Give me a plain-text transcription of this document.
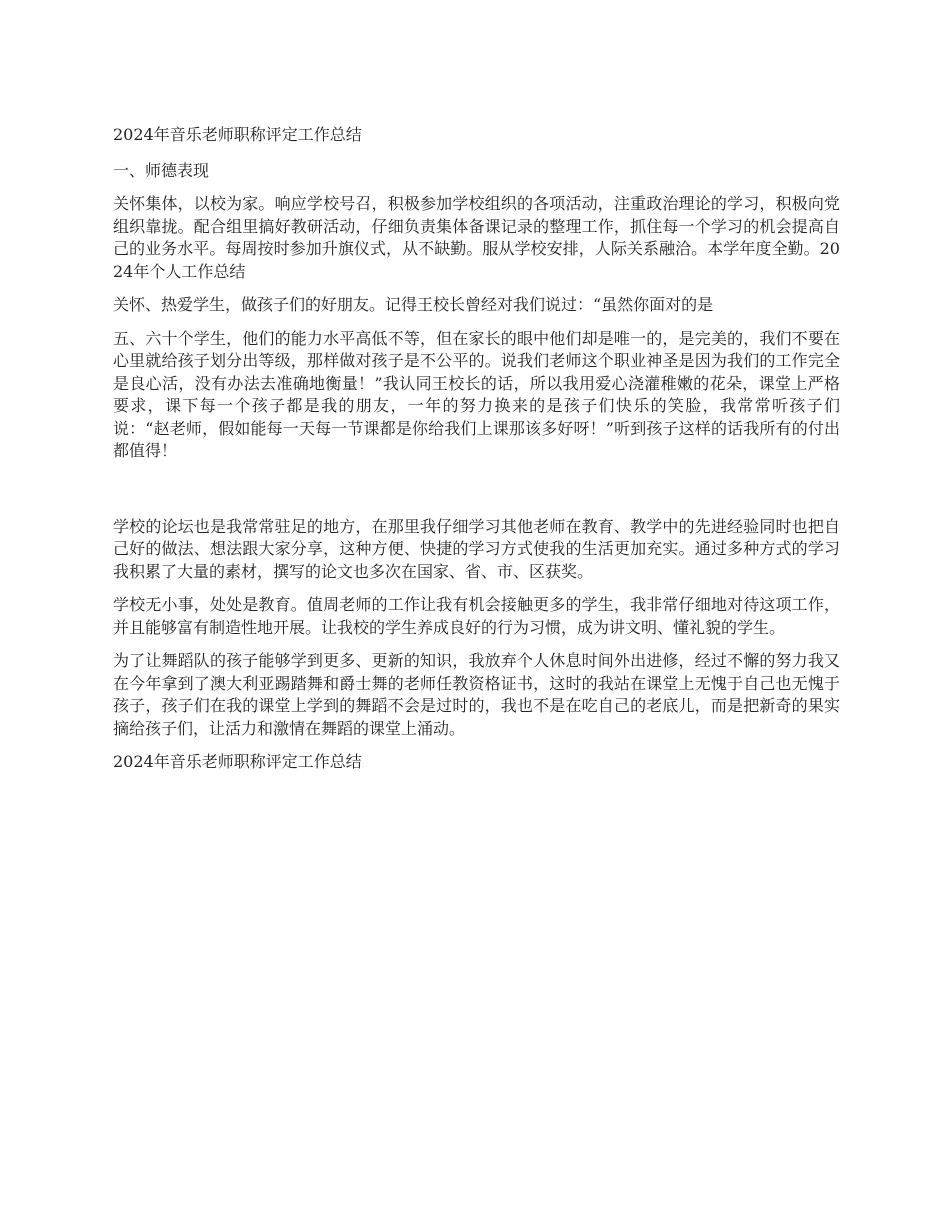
2024年音乐老师职称评定工作总结

一、师德表现

关怀集体，以校为家。响应学校号召，积极参加学校组织的各项活动，注重政治理论的学习，积极向党组织靠拢。配合组里搞好教研活动，仔细负责集体备课记录的整理工作，抓住每一个学习的机会提高自己的业务水平。每周按时参加升旗仪式，从不缺勤。服从学校安排，人际关系融洽。本学年度全勤。2024年个人工作总结

关怀、热爱学生，做孩子们的好朋友。记得王校长曾经对我们说过：“虽然你面对的是

五、六十个学生，他们的能力水平高低不等，但在家长的眼中他们却是唯一的，是完美的，我们不要在心里就给孩子划分出等级，那样做对孩子是不公平的。说我们老师这个职业神圣是因为我们的工作完全是良心活，没有办法去准确地衡量！”我认同王校长的话，所以我用爱心浇灌稚嫩的花朵，课堂上严格要求，课下每一个孩子都是我的朋友，一年的努力换来的是孩子们快乐的笑脸，我常常听孩子们说：“赵老师，假如能每一天每一节课都是你给我们上课那该多好呀！”听到孩子这样的话我所有的付出都值得！

学校的论坛也是我常常驻足的地方，在那里我仔细学习其他老师在教育、教学中的先进经验同时也把自己好的做法、想法跟大家分享，这种方便、快捷的学习方式使我的生活更加充实。通过多种方式的学习我积累了大量的素材，撰写的论文也多次在国家、省、市、区获奖。

学校无小事，处处是教育。值周老师的工作让我有机会接触更多的学生，我非常仔细地对待这项工作，并且能够富有制造性地开展。让我校的学生养成良好的行为习惯，成为讲文明、懂礼貌的学生。

为了让舞蹈队的孩子能够学到更多、更新的知识，我放弃个人休息时间外出进修，经过不懈的努力我又在今年拿到了澳大利亚踢踏舞和爵士舞的老师任教资格证书，这时的我站在课堂上无愧于自己也无愧于孩子，孩子们在我的课堂上学到的舞蹈不会是过时的，我也不是在吃自己的老底儿，而是把新奇的果实摘给孩子们，让活力和激情在舞蹈的课堂上涌动。

2024年音乐老师职称评定工作总结
